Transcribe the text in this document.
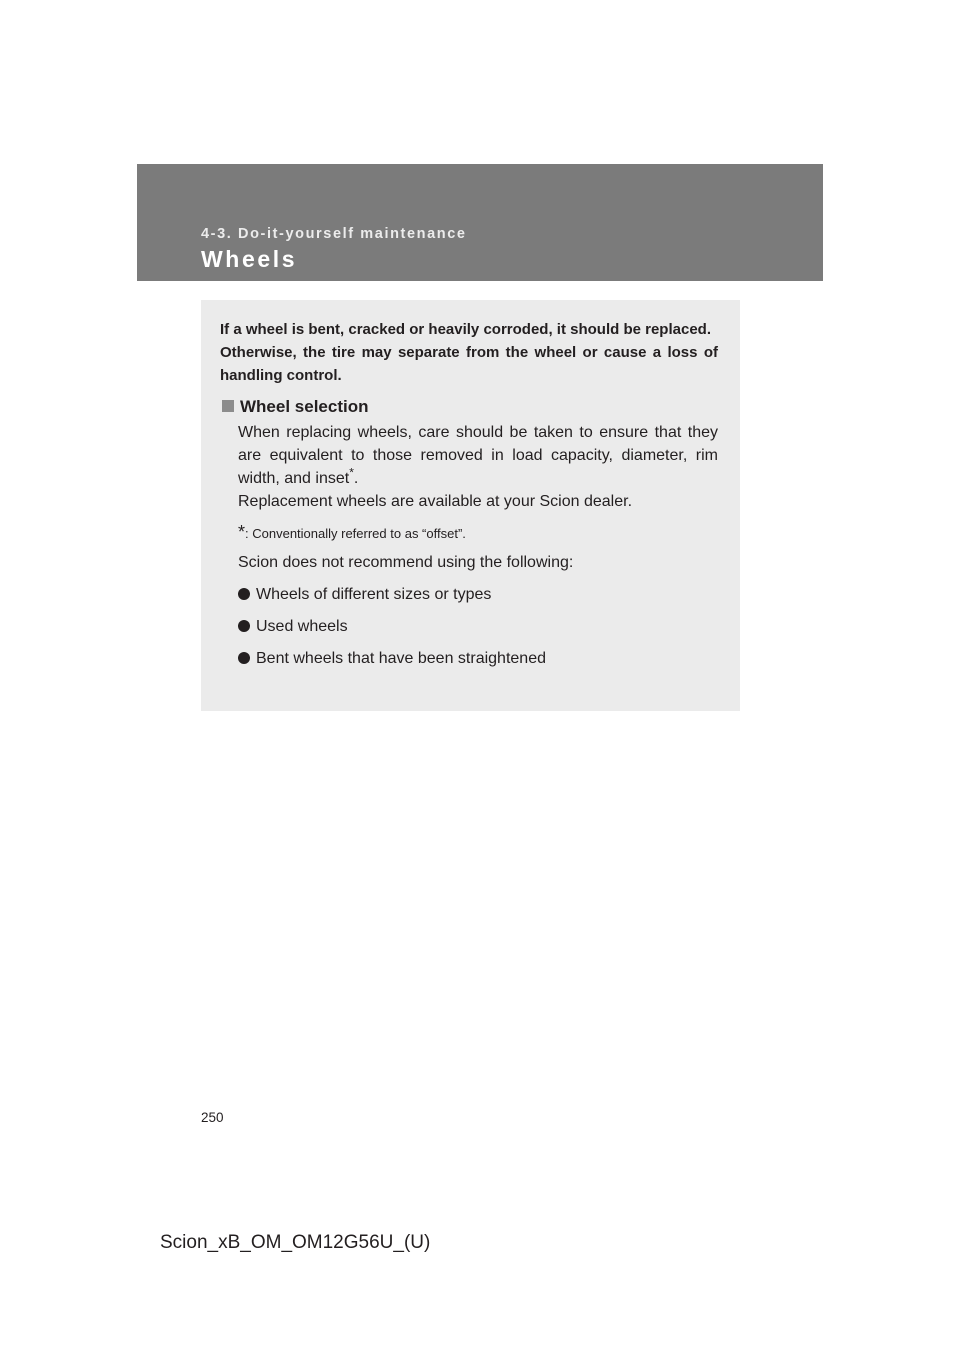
4-3. Do-it-yourself maintenance
Wheels

If a wheel is bent, cracked or heavily corroded, it should be replaced.
Otherwise, the tire may separate from the wheel or cause a loss of handling control.

Wheel selection

When replacing wheels, care should be taken to ensure that they are equivalent to those removed in load capacity, diameter, rim width, and inset*.
Replacement wheels are available at your Scion dealer.

*: Conventionally referred to as “offset”.
Scion does not recommend using the following:
Wheels of different sizes or types
Used wheels
Bent wheels that have been straightened
250
Scion_xB_OM_OM12G56U_(U)
